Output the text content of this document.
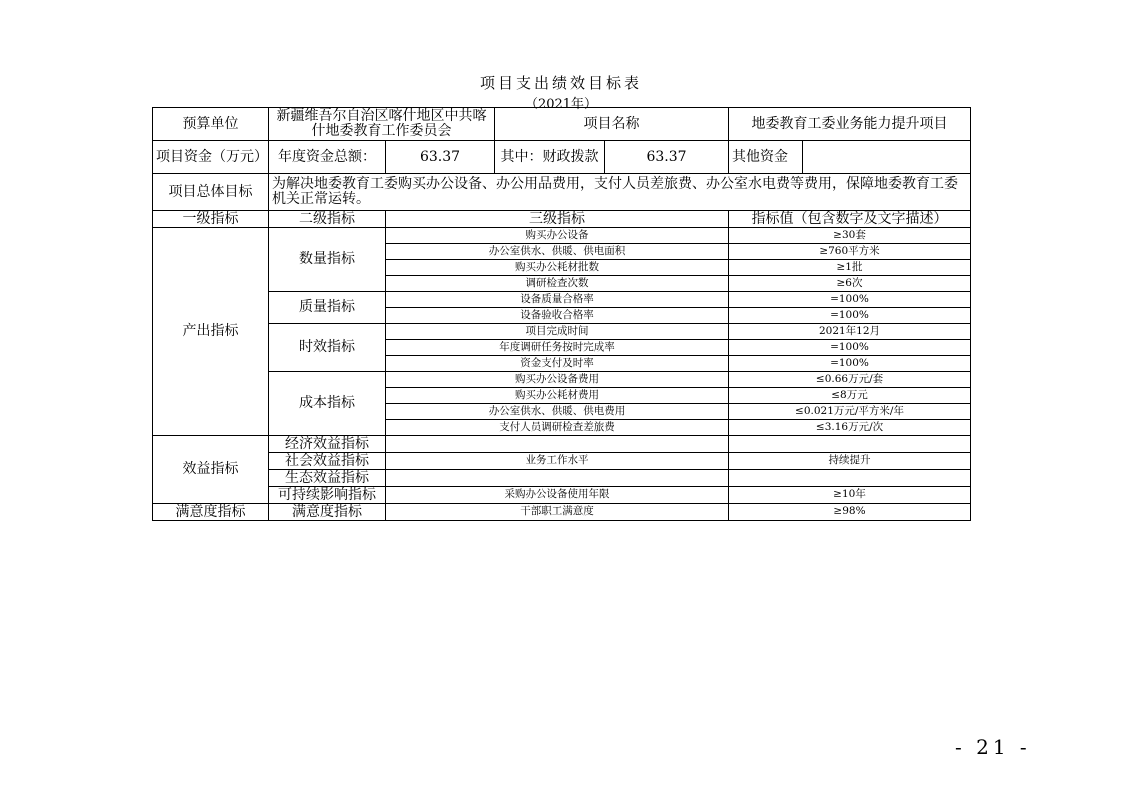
项目支出绩效目标表
（2021年）
预算单位	新疆维吾尔自治区喀什地区中共喀什地委教育工作委员会		项目名称		地委教育工委业务能力提升项目	
项目资金（万元）	年度资金总额：	63.37	其中：财政拨款	63.37	其他资金	
项目总体目标	为解决地委教育工委购买办公设备、办公用品费用，支付人员差旅费、办公室水电费等费用，保障地委教育工委机关正常运转。					
一级指标	二级指标	三级指标			指标值（包含数字及文字描述）	
产出指标	数量指标	购买办公设备			≥30套	
		办公室供水、供暖、供电面积			≥760平方米	
		购买办公耗材批数			≥1批	
		调研检查次数			≥6次	
	质量指标	设备质量合格率			=100%	
		设备验收合格率			=100%	
	时效指标	项目完成时间			2021年12月	
		年度调研任务按时完成率			=100%	
		资金支付及时率			=100%	
	成本指标	购买办公设备费用			≤0.66万元/套	
		购买办公耗材费用			≤8万元	
		办公室供水、供暖、供电费用			≤0.021万元/平方米/年	
		支付人员调研检查差旅费			≤3.16万元/次	
效益指标	经济效益指标					
	社会效益指标	业务工作水平			持续提升	
	生态效益指标					
	可持续影响指标	采购办公设备使用年限			≥10年	
满意度指标	满意度指标	干部职工满意度			≥98%	
- 21 -
